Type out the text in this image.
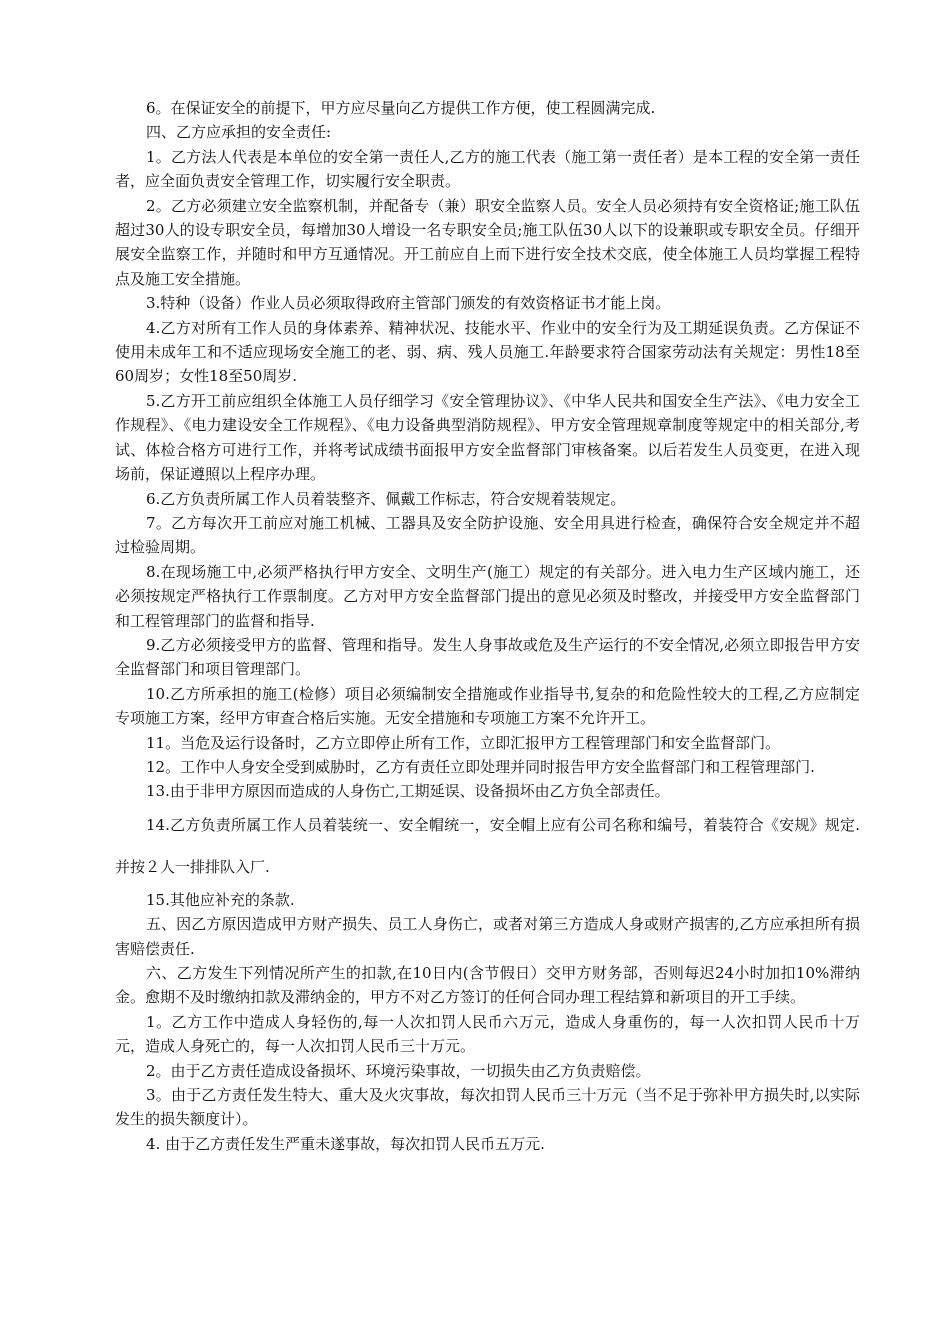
6。在保证安全的前提下，甲方应尽量向乙方提供工作方便，使工程圆满完成.

四、乙方应承担的安全责任:

1。乙方法人代表是本单位的安全第一责任人,乙方的施工代表（施工第一责任者）是本工程的安全第一责任者，应全面负责安全管理工作，切实履行安全职责。

2。乙方必须建立安全监察机制，并配备专（兼）职安全监察人员。安全人员必须持有安全资格证;施工队伍超过30人的设专职安全员，每增加30人增设一名专职安全员;施工队伍30人以下的设兼职或专职安全员。仔细开展安全监察工作，并随时和甲方互通情况。开工前应自上而下进行安全技术交底，使全体施工人员均掌握工程特点及施工安全措施。

3.特种（设备）作业人员必须取得政府主管部门颁发的有效资格证书才能上岗。

4.乙方对所有工作人员的身体素养、精神状况、技能水平、作业中的安全行为及工期延误负责。乙方保证不使用未成年工和不适应现场安全施工的老、弱、病、残人员施工.年龄要求符合国家劳动法有关规定：男性18至60周岁；女性18至50周岁.

5.乙方开工前应组织全体施工人员仔细学习《安全管理协议》、《中华人民共和国安全生产法》、《电力安全工作规程》、《电力建设安全工作规程》、《电力设备典型消防规程》、甲方安全管理规章制度等规定中的相关部分,考试、体检合格方可进行工作，并将考试成绩书面报甲方安全监督部门审核备案。以后若发生人员变更，在进入现场前，保证遵照以上程序办理。

6.乙方负责所属工作人员着装整齐、佩戴工作标志，符合安规着装规定。

7。乙方每次开工前应对施工机械、工器具及安全防护设施、安全用具进行检查，确保符合安全规定并不超过检验周期。

8.在现场施工中,必须严格执行甲方安全、文明生产(施工）规定的有关部分。进入电力生产区域内施工，还必须按规定严格执行工作票制度。乙方对甲方安全监督部门提出的意见必须及时整改，并接受甲方安全监督部门和工程管理部门的监督和指导.

9.乙方必须接受甲方的监督、管理和指导。发生人身事故或危及生产运行的不安全情况,必须立即报告甲方安全监督部门和项目管理部门。

10.乙方所承担的施工(检修）项目必须编制安全措施或作业指导书,复杂的和危险性较大的工程,乙方应制定专项施工方案，经甲方审查合格后实施。无安全措施和专项施工方案不允许开工。

11。当危及运行设备时，乙方立即停止所有工作，立即汇报甲方工程管理部门和安全监督部门。

12。工作中人身安全受到威胁时，乙方有责任立即处理并同时报告甲方安全监督部门和工程管理部门.

13.由于非甲方原因而造成的人身伤亡,工期延误、设备损坏由乙方负全部责任。

14.乙方负责所属工作人员着装统一、安全帽统一，安全帽上应有公司名称和编号，着装符合《安规》规定.并按２人一排排队入厂.

15.其他应补充的条款.

五、因乙方原因造成甲方财产损失、员工人身伤亡，或者对第三方造成人身或财产损害的,乙方应承担所有损害赔偿责任.

六、乙方发生下列情况所产生的扣款,在10日内(含节假日）交甲方财务部，否则每迟24小时加扣10%滞纳金。愈期不及时缴纳扣款及滞纳金的，甲方不对乙方签订的任何合同办理工程结算和新项目的开工手续。

1。乙方工作中造成人身轻伤的,每一人次扣罚人民币六万元，造成人身重伤的，每一人次扣罚人民币十万元，造成人身死亡的，每一人次扣罚人民币三十万元。

2。由于乙方责任造成设备损坏、环境污染事故，一切损失由乙方负责赔偿。

3。由于乙方责任发生特大、重大及火灾事故，每次扣罚人民币三十万元（当不足于弥补甲方损失时,以实际发生的损失额度计）。

4. 由于乙方责任发生严重未遂事故，每次扣罚人民币五万元.
